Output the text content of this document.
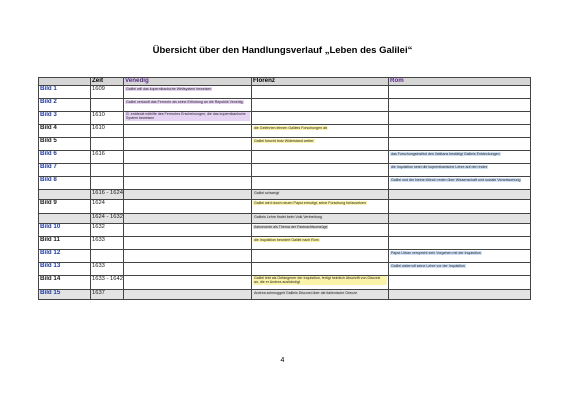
Übersicht über den Handlungsverlauf „Leben des Galilei“
	Zeit	Venedig	Florenz	Rom
Bild 1	1609	Galilei will das kopernikanische Weltsystem beweisen		
Bild 2		Galilei verkauft das Fernrohr als seine Erfindung an die Republik Venedig		
Bild 3	1610	G. entdeckt mithilfe des Fernrohrs Erscheinungen, die das kopernikanische System beweisen		
Bild 4	1610		die Gelehrten lehnen Galileis Forschungen ab	
Bild 5			Galilei forscht trotz Widerstand weiter	
Bild 6	1616			das Forschungsinstitut des Vatikans bestätigt Galileis Entdeckungen
Bild 7				die Inquisition setzt die kopernikanische Lehre auf den Index
Bild 8				Galilei und der kleine Mönch reden über Wissenschaft und soziale Verantwortung
	1616 - 1624		Galilei schweigt	
Bild 9	1624		Galilei wird durch neuen Papst ermutigt, seine Forschung fortzusetzen	
	1624 - 1632		Galileis Lehre findet beim Volk Verbreitung	
Bild 10	1632		Astronomie als Thema der Fastnachtsumzüge	
Bild 11	1633		die Inquisition beordert Galilei nach Rom	
Bild 12				Papst Urban verspricht sein Vorgehen mit der Inquisition
Bild 13	1633			Galilei widerruft seine Lehre vor der Inquisition
Bild 14	1633 - 1642		Galilei lebt als Gefangener der Inquisition, fertigt heimlich Abschrift von Discorsi an, die er Andrea aushändigt	
Bild 15	1637		Andrea schmuggelt Galileis Discorsi über die italienische Grenze	
4
